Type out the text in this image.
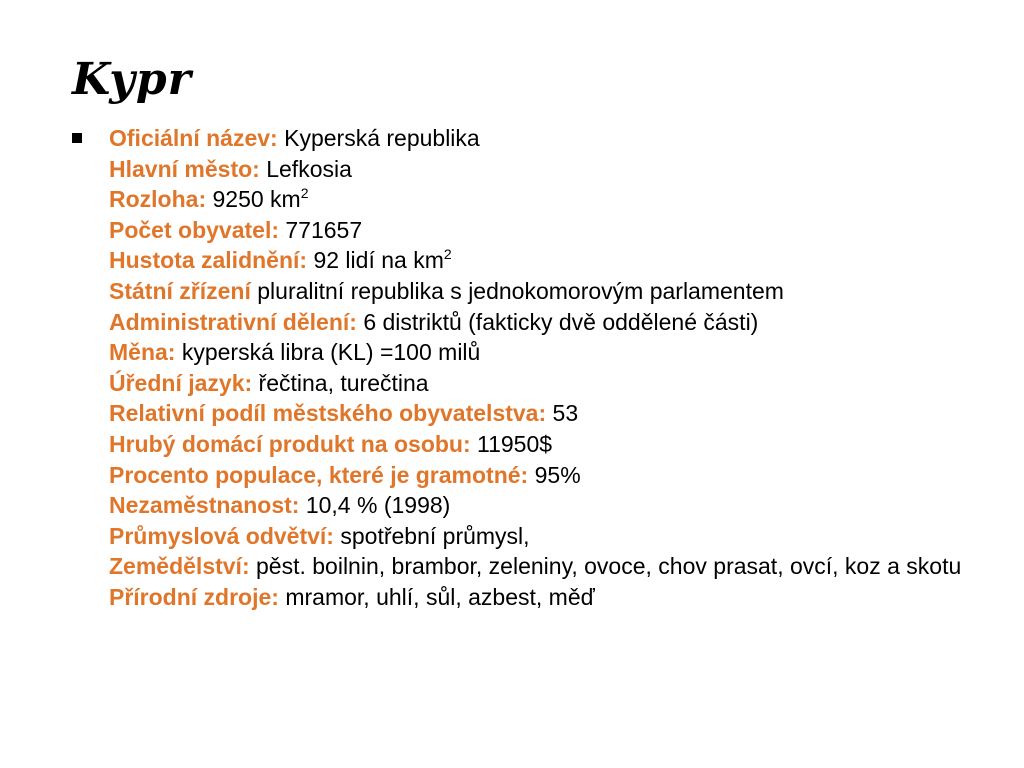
Kypr
Oficiální název: Kyperská republika
Hlavní město: Lefkosia
Rozloha: 9250 $km^2$
Počet obyvatel: 771657
Hustota zalidnění: 92 lidí na $km^2$
Státní zřízení pluralitní republika s jednokomorovým parlamentem
Administrativní dělení: 6 distriktů (fakticky dvě oddělené části)
Měna: kyperská libra (KL) =100 milů
Úřední jazyk: řečtina, turečtina
Relativní podíl městského obyvatelstva: 53
Hrubý domácí produkt na osobu: 11950$
Procento populace, které je gramotné: 95%
Nezaměstnanost: 10,4 % (1998)
Průmyslová odvětví: spotřební průmysl,
Zemědělství: pěst. boilnin, brambor, zeleniny, ovoce, chov prasat, ovcí, koz a skotu
Přírodní zdroje: mramor, uhlí, sůl, azbest, měď
